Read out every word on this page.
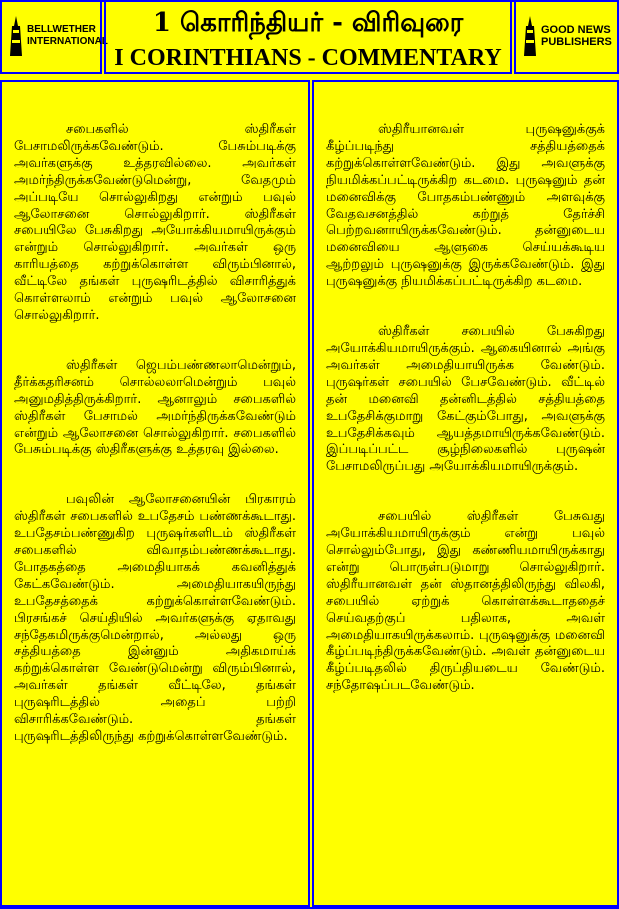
BELLWETHER
INTERNATIONAL
1 கொரிந்தியர் - விரிவுரை
I CORINTHIANS - COMMENTARY
GOOD NEWS
PUBLISHERS

சபைகளில் ஸ்திரீகள் பேசாமலிருக்கவேண்டும். பேசும்படிக்கு அவர்களுக்கு உத்தரவில்லை. அவர்கள் அமர்ந்திருக்கவேண்டுமென்று, வேதமும் அப்படியே சொல்லுகிறது என்றும் பவுல் ஆலோசனை சொல்லுகிறார். ஸ்திரீகள் சபையிலே பேசுகிறது அயோக்கியமாயிருக்கும் என்றும் சொல்லுகிறார். அவர்கள் ஒரு காரியத்தை கற்றுக்கொள்ள விரும்பினால், வீட்டிலே தங்கள் புருஷரிடத்தில் விசாரித்துக் கொள்ளலாம் என்றும் பவுல் ஆலோசனை சொல்லுகிறார்.

ஸ்திரீகள் ஜெபம்பண்ணலாமென்றும், தீர்க்கதரிசனம் சொல்லலாமென்றும் பவுல் அனுமதித்திருக்கிறார். ஆனாலும் சபைகளில் ஸ்திரீகள் பேசாமல் அமர்ந்திருக்கவேண்டும் என்றும் ஆலோசனை சொல்லுகிறார். சபைகளில் பேசும்படிக்கு ஸ்திரீகளுக்கு உத்தரவு இல்லை.

பவுலின் ஆலோசனையின் பிரகாரம் ஸ்திரீகள் சபைகளில் உபதேசம் பண்ணக்கூடாது. உபதேசம்பண்ணுகிற புருஷர்களிடம் ஸ்திரீகள் சபைகளில் விவாதம்பண்ணக்கூடாது. போதகத்தை அமைதியாகக் கவனித்துக் கேட்கவேண்டும். அமைதியாகயிருந்து உபதேசத்தைக் கற்றுக்கொள்ளவேண்டும். பிரசங்கச் செய்தியில் அவர்களுக்கு ஏதாவது சந்தேகமிருக்குமென்றால், அல்லது ஒரு சத்தியத்தை இன்னும் அதிகமாய்க் கற்றுக்கொள்ள வேண்டுமென்று விரும்பினால், அவர்கள் தங்கள் வீட்டிலே, தங்கள் புருஷரிடத்தில் அதைப் பற்றி விசாரிக்கவேண்டும். தங்கள் புருஷரிடத்திலிருந்து கற்றுக்கொள்ளவேண்டும்.

ஸ்திரீயானவள் புருஷனுக்குக் கீழ்ப்படிந்து சத்தியத்தைக் கற்றுக்கொள்ளவேண்டும். இது அவளுக்கு நியமிக்கப்பட்டிருக்கிற கடமை. புருஷனும் தன் மனைவிக்கு போதகம்பண்ணும் அளவுக்கு வேதவசனத்தில் கற்றுத் தேர்ச்சி பெற்றவனாயிருக்கவேண்டும். தன்னுடைய மனைவியை ஆளுகை செய்யக்கூடிய ஆற்றலும் புருஷனுக்கு இருக்கவேண்டும். இது புருஷனுக்கு நியமிக்கப்பட்டிருக்கிற கடமை.

ஸ்திரீகள் சபையில் பேசுகிறது அயோக்கியமாயிருக்கும். ஆகையினால் அங்கு அவர்கள் அமைதியாயிருக்க வேண்டும். புருஷர்கள் சபையில் பேசவேண்டும். வீட்டில் தன் மனைவி தன்னிடத்தில் சத்தியத்தை உபதேசிக்குமாறு கேட்கும்போது, அவளுக்கு உபதேசிக்கவும் ஆயத்தமாயிருக்கவேண்டும். இப்படிப்பட்ட சூழ்நிலைகளில் புருஷன் பேசாமலிருப்பது அயோக்கியமாயிருக்கும்.

சபையில் ஸ்திரீகள் பேசுவது அயோக்கியமாயிருக்கும் என்று பவுல் சொல்லும்போது, இது கண்ணியமாயிருக்காது என்று பொருள்படுமாறு சொல்லுகிறார். ஸ்திரீயானவள் தன் ஸ்தானத்திலிருந்து விலகி, சபையில் ஏற்றுக் கொள்ளக்கூடாததைச் செய்வதற்குப் பதிலாக, அவள் அமைதியாகயிருக்கலாம். புருஷனுக்கு மனைவி கீழ்ப்படிந்திருக்கவேண்டும். அவள் தன்னுடைய கீழ்ப்படிதலில் திருப்தியடைய வேண்டும். சந்தோஷப்படவேண்டும்.
